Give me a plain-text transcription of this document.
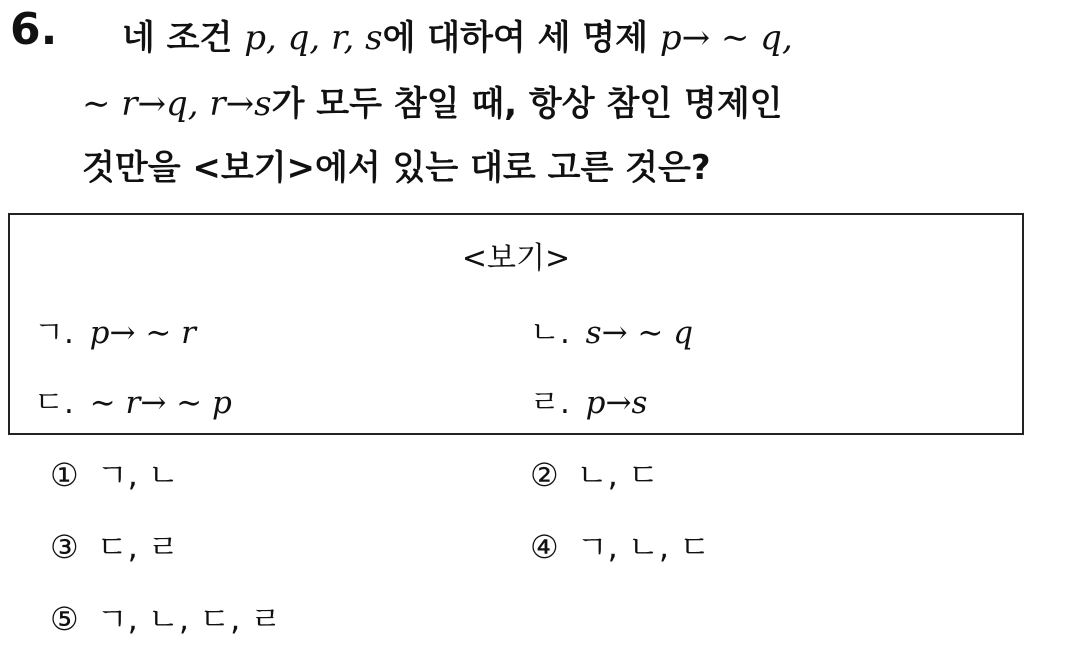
6. 네 조건 p, q, r, s에 대하여 세 명제 p→ ∼ q,
∼ r→q, r→s가 모두 참일 때, 항상 참인 명제인
것만을 <보기>에서 있는 대로 고른 것은?
<보기>
ㄱ. p→ ∼ r	ㄴ. s→ ∼ q
ㄷ. ∼ r→ ∼ p	ㄹ. p→s
① ㄱ, ㄴ	② ㄴ, ㄷ
③ ㄷ, ㄹ	④ ㄱ, ㄴ, ㄷ
⑤ ㄱ, ㄴ, ㄷ, ㄹ
